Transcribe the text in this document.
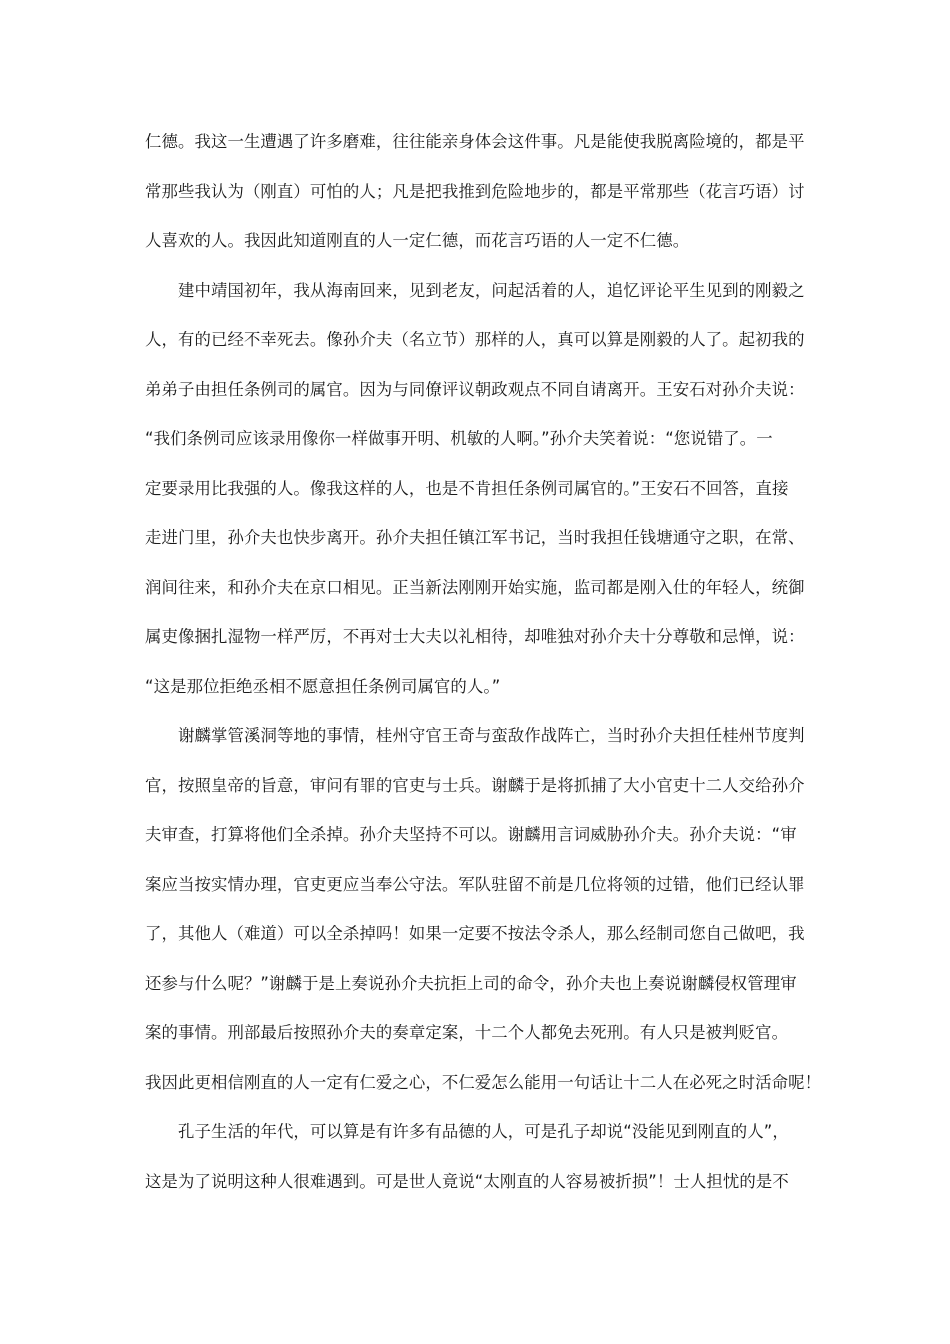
仁德。我这一生遭遇了许多磨难，往往能亲身体会这件事。凡是能使我脱离险境的，都是平
常那些我认为（刚直）可怕的人；凡是把我推到危险地步的，都是平常那些（花言巧语）讨
人喜欢的人。我因此知道刚直的人一定仁德，而花言巧语的人一定不仁德。
建中靖国初年，我从海南回来，见到老友，问起活着的人，追忆评论平生见到的刚毅之
人，有的已经不幸死去。像孙介夫（名立节）那样的人，真可以算是刚毅的人了。起初我的
弟弟子由担任条例司的属官。因为与同僚评议朝政观点不同自请离开。王安石对孙介夫说：
“我们条例司应该录用像你一样做事开明、机敏的人啊。”孙介夫笑着说：“您说错了。一
定要录用比我强的人。像我这样的人，也是不肯担任条例司属官的。”王安石不回答，直接
走进门里，孙介夫也快步离开。孙介夫担任镇江军书记，当时我担任钱塘通守之职，在常、
润间往来，和孙介夫在京口相见。正当新法刚刚开始实施，监司都是刚入仕的年轻人，统御
属吏像捆扎湿物一样严厉，不再对士大夫以礼相待，却唯独对孙介夫十分尊敬和忌惮，说：
“这是那位拒绝丞相不愿意担任条例司属官的人。”
谢麟掌管溪洞等地的事情，桂州守官王奇与蛮敌作战阵亡，当时孙介夫担任桂州节度判
官，按照皇帝的旨意，审问有罪的官吏与士兵。谢麟于是将抓捕了大小官吏十二人交给孙介
夫审查，打算将他们全杀掉。孙介夫坚持不可以。谢麟用言词威胁孙介夫。孙介夫说：“审
案应当按实情办理，官吏更应当奉公守法。军队驻留不前是几位将领的过错，他们已经认罪
了，其他人（难道）可以全杀掉吗！如果一定要不按法令杀人，那么经制司您自己做吧，我
还参与什么呢？”谢麟于是上奏说孙介夫抗拒上司的命令，孙介夫也上奏说谢麟侵权管理审
案的事情。刑部最后按照孙介夫的奏章定案，十二个人都免去死刑。有人只是被判贬官。
我因此更相信刚直的人一定有仁爱之心，不仁爱怎么能用一句话让十二人在必死之时活命呢！
孔子生活的年代，可以算是有许多有品德的人，可是孔子却说“没能见到刚直的人”，
这是为了说明这种人很难遇到。可是世人竟说“太刚直的人容易被折损”！士人担忧的是不
